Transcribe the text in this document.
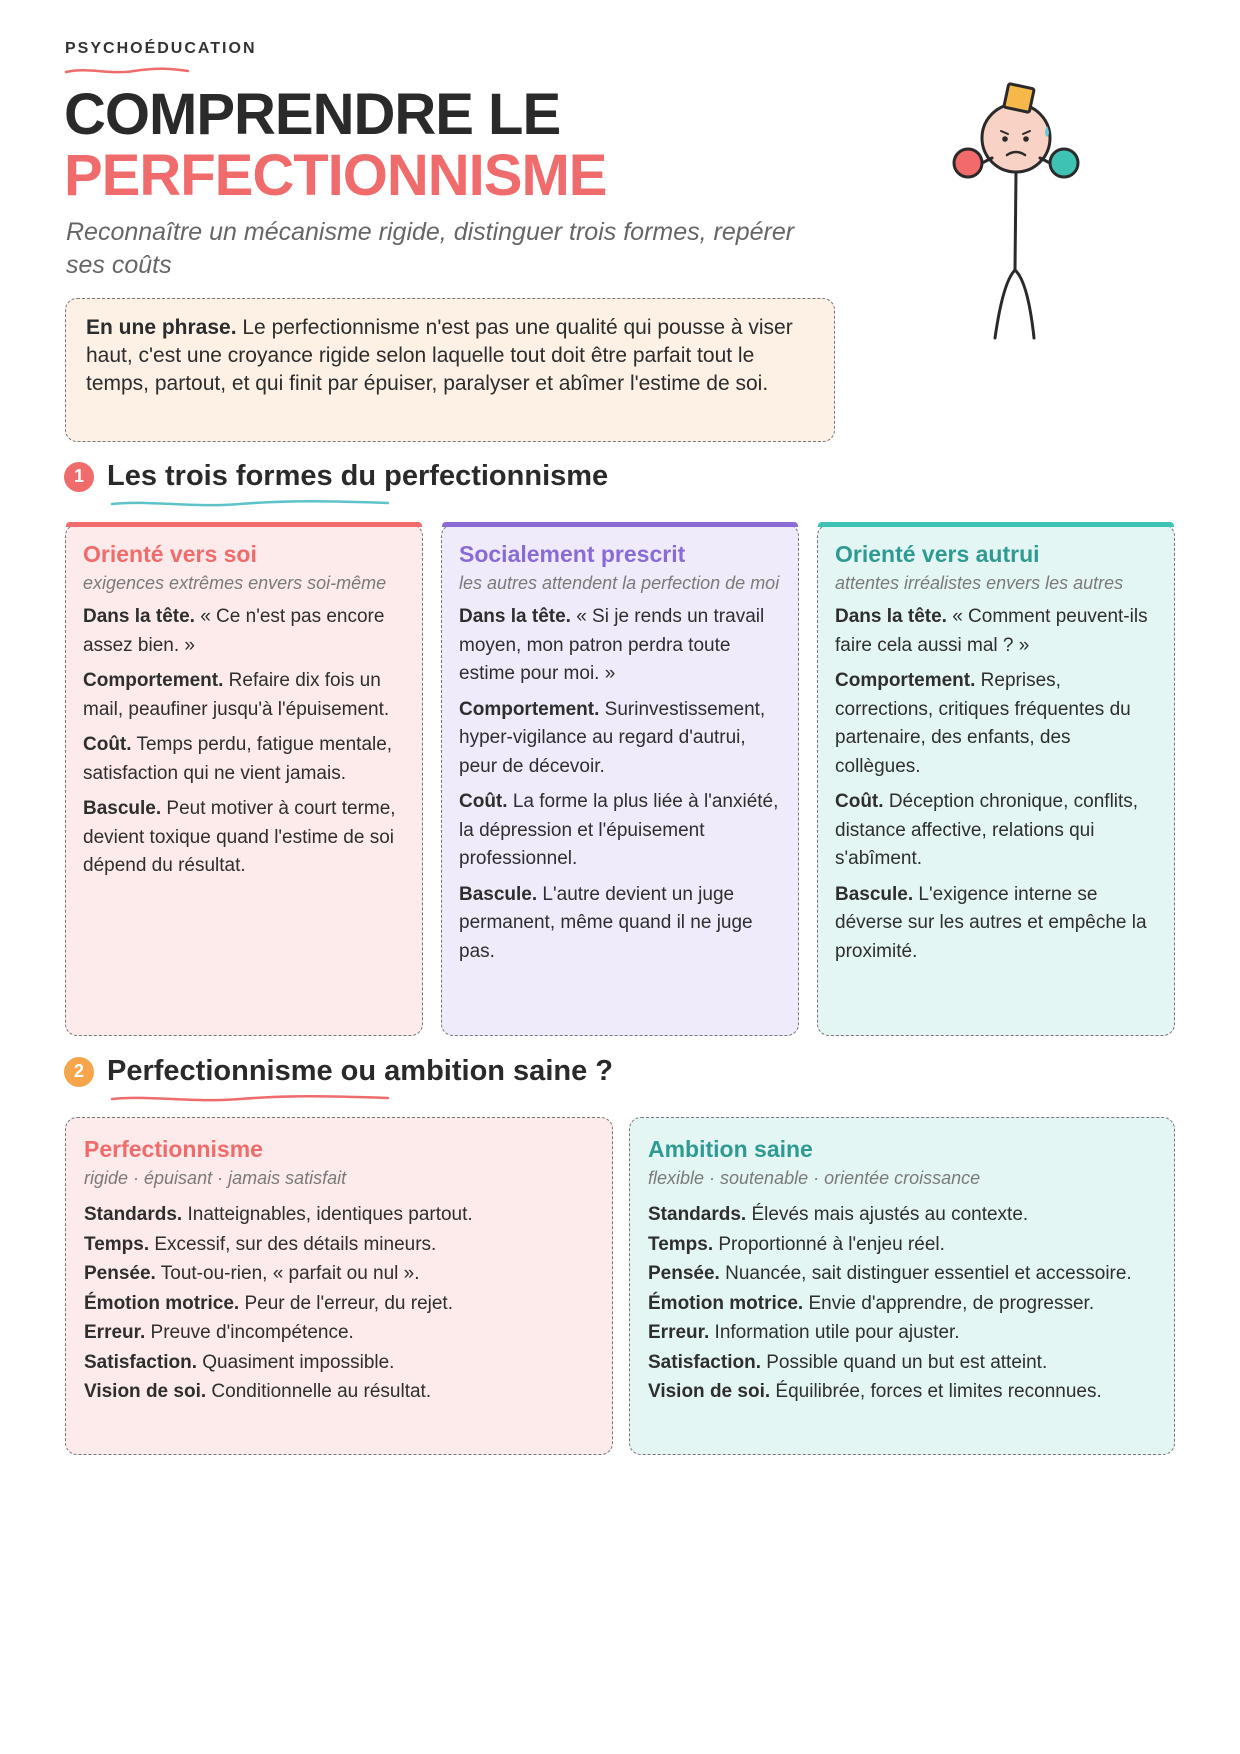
PSYCHOÉDUCATION
COMPRENDRE LE
PERFECTIONNISME
Reconnaître un mécanisme rigide, distinguer trois formes, repérer ses coûts
En une phrase. Le perfectionnisme n'est pas une qualité qui pousse à viser haut, c'est une croyance rigide selon laquelle tout doit être parfait tout le temps, partout, et qui finit par épuiser, paralyser et abîmer l'estime de soi.
1 Les trois formes du perfectionnisme
Orienté vers soi
exigences extrêmes envers soi-même

Dans la tête. « Ce n'est pas encore assez bien. »

Comportement. Refaire dix fois un mail, peaufiner jusqu'à l'épuisement.

Coût. Temps perdu, fatigue mentale, satisfaction qui ne vient jamais.

Bascule. Peut motiver à court terme, devient toxique quand l'estime de soi dépend du résultat.

Socialement prescrit
les autres attendent la perfection de moi

Dans la tête. « Si je rends un travail moyen, mon patron perdra toute estime pour moi. »

Comportement. Surinvestissement, hyper-vigilance au regard d'autrui, peur de décevoir.

Coût. La forme la plus liée à l'anxiété, la dépression et l'épuisement professionnel.

Bascule. L'autre devient un juge permanent, même quand il ne juge pas.

Orienté vers autrui
attentes irréalistes envers les autres

Dans la tête. « Comment peuvent-ils faire cela aussi mal ? »

Comportement. Reprises, corrections, critiques fréquentes du partenaire, des enfants, des collègues.

Coût. Déception chronique, conflits, distance affective, relations qui s'abîment.

Bascule. L'exigence interne se déverse sur les autres et empêche la proximité.

2 Perfectionnisme ou ambition saine ?
Perfectionnisme
rigide · épuisant · jamais satisfait

Standards. Inatteignables, identiques partout.

Temps. Excessif, sur des détails mineurs.

Pensée. Tout-ou-rien, « parfait ou nul ».

Émotion motrice. Peur de l'erreur, du rejet.

Erreur. Preuve d'incompétence.

Satisfaction. Quasiment impossible.

Vision de soi. Conditionnelle au résultat.

Ambition saine
flexible · soutenable · orientée croissance

Standards. Élevés mais ajustés au contexte.

Temps. Proportionné à l'enjeu réel.

Pensée. Nuancée, sait distinguer essentiel et accessoire.

Émotion motrice. Envie d'apprendre, de progresser.

Erreur. Information utile pour ajuster.

Satisfaction. Possible quand un but est atteint.

Vision de soi. Équilibrée, forces et limites reconnues.
